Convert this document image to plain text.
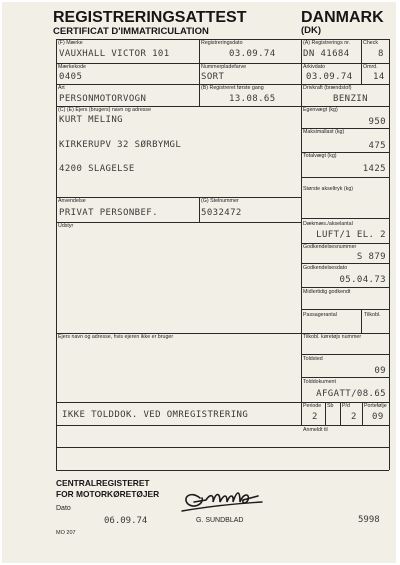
REGISTRERINGSATTEST
CERTIFICAT D'IMMATRICULATION
DANMARK
(DK)
(F) Mærke
VAUXHALL VICTOR 101
Registreringsdato
03.09.74
(A) Registrerings nr.
DN 41684
Check
8
Mærkekode
0405
Nummerpladefarve
SORT
Arkivdato
03.09.74
Omrd.
14
Art
PERSONMOTORVOGN
(B) Registreret første gang
13.08.65
Drivkraft (brændstof)
BENZIN
(C) (E) Ejers (brugers) navn og adresse
KURT MELING
KIRKERUPV 32 SØRBYMGL
4200 SLAGELSE
Egenvægt (kg)
950
Maksimallast (kg)
475
Totalvægt (kg)
1425
Største akseltryk (kg)
Anvendelse
PRIVAT PERSONBEF.
(G) Stelnummer
5032472
Udstyr	Dækmæs./akselantal
LUFT/1 EL. 2
Godkendelsesnummer
S 879
Godkendelsesdato
05.04.73
Midlertidig godkendt
Passagerantal	Tilkobl.
Ejers navn og adresse, hvis ejeren ikke er bruger	Tilkobl. køretøjs nummer
Toldsted
09
Tolddokument
AFGATT/08.65
IKKE TOLDDOK. VED OMREGISTRERING
Periode
2
Sb P/d
2
Portefølje
09
Anmeldt til
CENTRALREGISTERET
FOR MOTORKØRETØJER
Dato
06.09.74	G. SUNDBLAD	5998
MO 207
